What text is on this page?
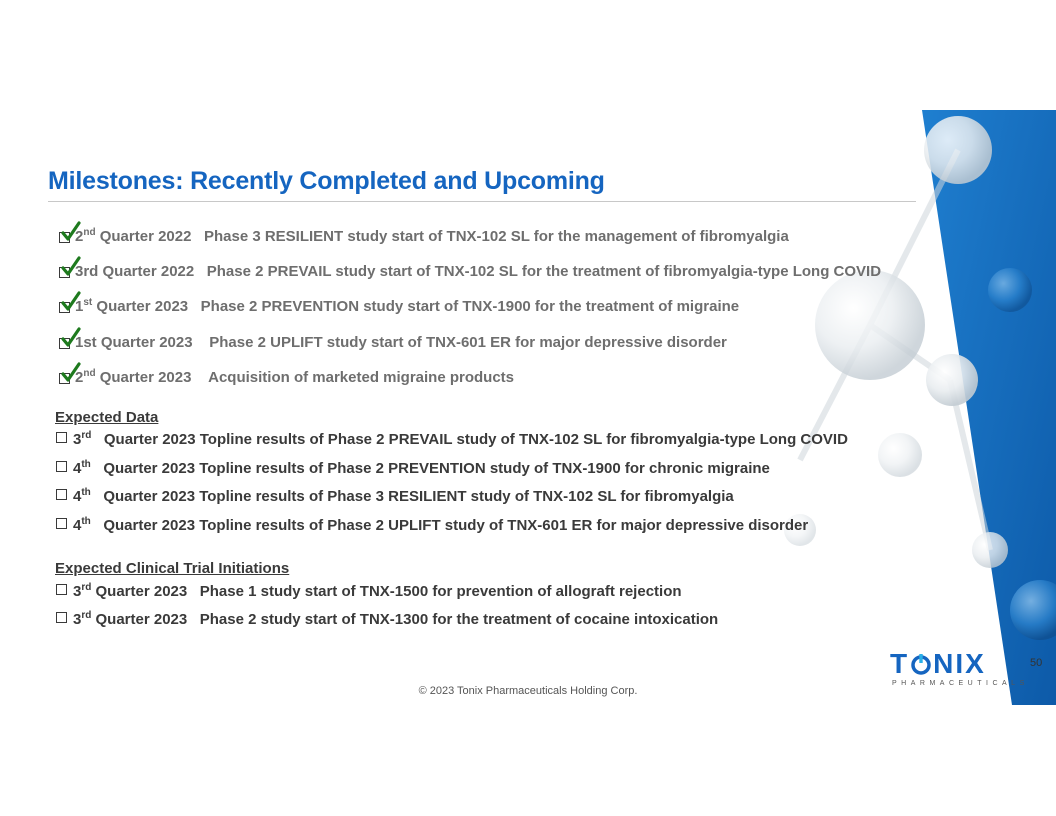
Milestones: Recently Completed and Upcoming
2nd Quarter 2022 Phase 3 RESILIENT study start of TNX-102 SL for the management of fibromyalgia
3rd Quarter 2022 Phase 2 PREVAIL study start of TNX-102 SL for the treatment of fibromyalgia-type Long COVID
1st Quarter 2023 Phase 2 PREVENTION study start of TNX-1900 for the treatment of migraine
1st Quarter 2023 Phase 2 UPLIFT study start of TNX-601 ER for major depressive disorder
2nd Quarter 2023 Acquisition of marketed migraine products
Expected Data
3rd Quarter 2023 Topline results of Phase 2 PREVAIL study of TNX-102 SL for fibromyalgia-type Long COVID
4th Quarter 2023 Topline results of Phase 2 PREVENTION study of TNX-1900 for chronic migraine
4th Quarter 2023 Topline results of Phase 3 RESILIENT study of TNX-102 SL for fibromyalgia
4th Quarter 2023 Topline results of Phase 2 UPLIFT study of TNX-601 ER for major depressive disorder
Expected Clinical Trial Initiations
3rd Quarter 2023 Phase 1 study start of TNX-1500 for prevention of allograft rejection
3rd Quarter 2023 Phase 2 study start of TNX-1300 for the treatment of cocaine intoxication
T NIX
PHARMACEUTICALS
50
© 2023 Tonix Pharmaceuticals Holding Corp.
